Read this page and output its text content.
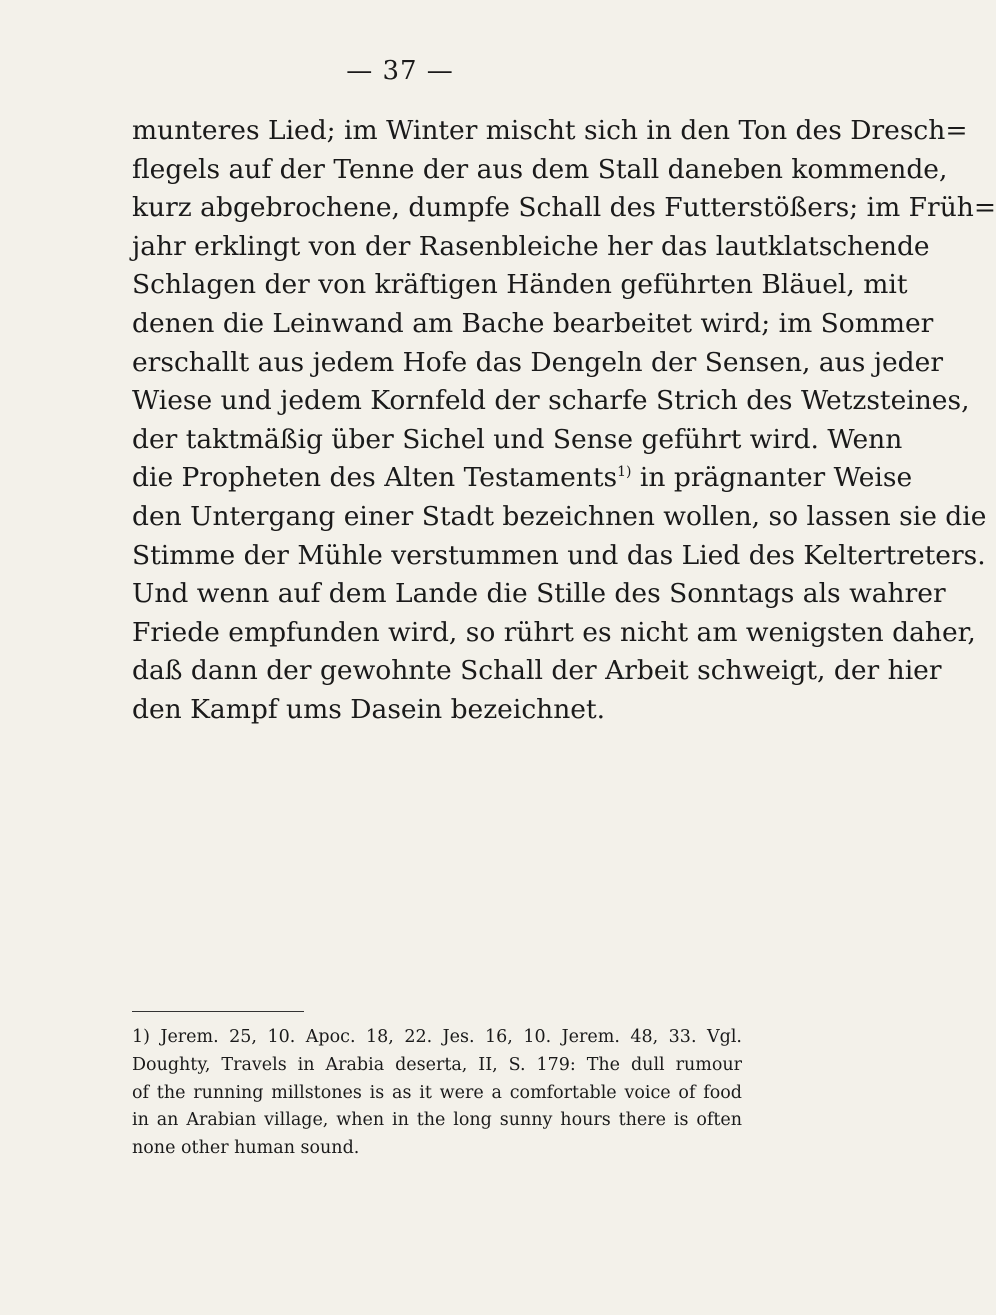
— 37 —
munteres Lied; im Winter mischt sich in den Ton des Dresch=
flegels auf der Tenne der aus dem Stall daneben kommende,
kurz abgebrochene, dumpfe Schall des Futterstößers; im Früh=
jahr erklingt von der Rasenbleiche her das lautklatschende
Schlagen der von kräftigen Händen geführten Bläuel, mit
denen die Leinwand am Bache bearbeitet wird; im Sommer
erschallt aus jedem Hofe das Dengeln der Sensen, aus jeder
Wiese und jedem Kornfeld der scharfe Strich des Wetzsteines,
der taktmäßig über Sichel und Sense geführt wird. Wenn
die Propheten des Alten Testaments$^{1)}$ in prägnanter Weise
den Untergang einer Stadt bezeichnen wollen, so lassen sie die
Stimme der Mühle verstummen und das Lied des Keltertreters.
Und wenn auf dem Lande die Stille des Sonntags als wahrer
Friede empfunden wird, so rührt es nicht am wenigsten daher,
daß dann der gewohnte Schall der Arbeit schweigt, der hier
den Kampf ums Dasein bezeichnet.
1) Jerem. 25, 10. Apoc. 18, 22. Jes. 16, 10. Jerem. 48, 33. Vgl.
Doughty, Travels in Arabia deserta, II, S. 179: The dull rumour
of the running millstones is as it were a comfortable voice of food
in an Arabian village, when in the long sunny hours there is often
none other human sound.
